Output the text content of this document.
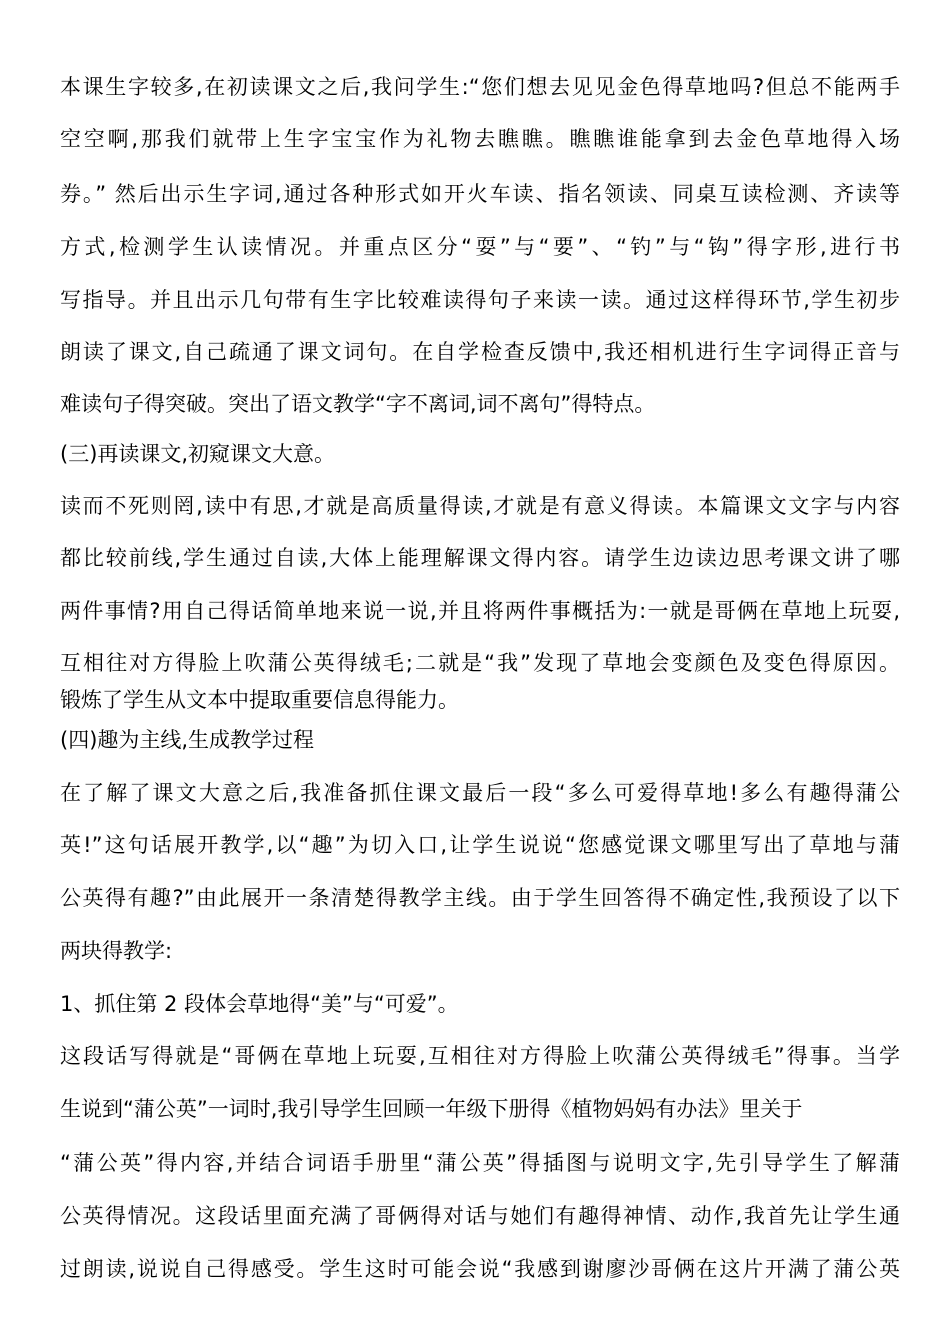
本课生字较多,在初读课文之后,我问学生:“您们想去见见金色得草地吗?但总不能两手
空空啊,那我们就带上生字宝宝作为礼物去瞧瞧。瞧瞧谁能拿到去金色草地得入场
券。” 然后出示生字词,通过各种形式如开火车读、指名领读、同桌互读检测、齐读等
方式,检测学生认读情况。并重点区分“耍”与“要”、“钓”与“钩”得字形,进行书
写指导。并且出示几句带有生字比较难读得句子来读一读。通过这样得环节,学生初步
朗读了课文,自己疏通了课文词句。在自学检查反馈中,我还相机进行生字词得正音与
难读句子得突破。突出了语文教学“字不离词,词不离句”得特点。
(三)再读课文,初窥课文大意。
读而不死则罔,读中有思,才就是高质量得读,才就是有意义得读。本篇课文文字与内容
都比较前线,学生通过自读,大体上能理解课文得内容。请学生边读边思考课文讲了哪
两件事情?用自己得话简单地来说一说,并且将两件事概括为:一就是哥俩在草地上玩耍,
互相往对方得脸上吹蒲公英得绒毛;二就是“我”发现了草地会变颜色及变色得原因。
锻炼了学生从文本中提取重要信息得能力。
(四)趣为主线,生成教学过程
在了解了课文大意之后,我准备抓住课文最后一段“多么可爱得草地!多么有趣得蒲公
英!”这句话展开教学,以“趣”为切入口,让学生说说“您感觉课文哪里写出了草地与蒲
公英得有趣?”由此展开一条清楚得教学主线。由于学生回答得不确定性,我预设了以下
两块得教学:
1、抓住第 2 段体会草地得“美”与“可爱”。
这段话写得就是“哥俩在草地上玩耍,互相往对方得脸上吹蒲公英得绒毛”得事。当学
生说到“蒲公英”一词时,我引导学生回顾一年级下册得《植物妈妈有办法》里关于
“蒲公英”得内容,并结合词语手册里“蒲公英”得插图与说明文字,先引导学生了解蒲
公英得情况。这段话里面充满了哥俩得对话与她们有趣得神情、动作,我首先让学生通
过朗读,说说自己得感受。学生这时可能会说“我感到谢廖沙哥俩在这片开满了蒲公英
